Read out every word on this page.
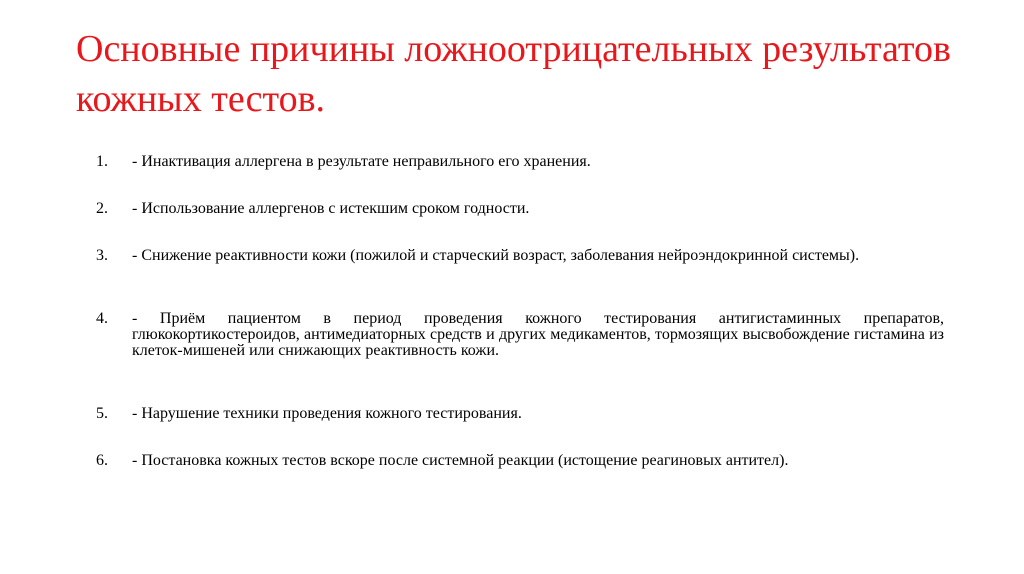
Основные причины ложноотрицательных результатов кожных тестов.
1.	- Инактивация аллергена в результате неправильного его хранения.
2.	- Использование аллергенов с истекшим сроком годности.
3.	- Снижение реактивности кожи (пожилой и старческий возраст, заболевания нейроэндокринной системы).
4.	- Приём пациентом в период проведения кожного тестирования антигистаминных препаратов, глюкокортикостероидов, антимедиаторных средств и других медикаментов, тормозящих высвобождение гистамина из клеток-мишеней или снижающих реактивность кожи.
5.	- Нарушение техники проведения кожного тестирования.
6.	- Постановка кожных тестов вскоре после системной реакции (истощение реагиновых антител).
